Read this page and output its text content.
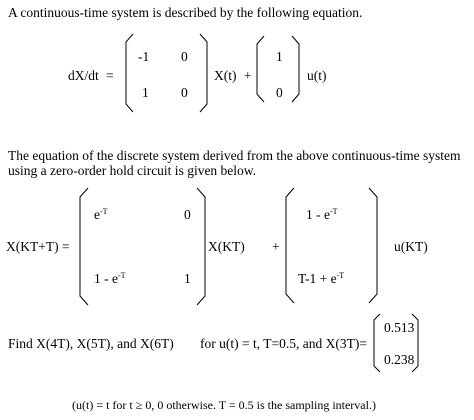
A continuous-time system is described by the following equation.
dX/dt =
-1 0
1 0
X(t) +
1
0
u(t)
The equation of the discrete system derived from the above continuous-time system
using a zero-order hold circuit is given below.
X(KT+T) =
$e^{-T}$	0
$1 - e^{-T}$	1
X(KT) +
$1 - e^{-T}$
$T-1 + e^{-T}$
u(KT)
Find X(4T), X(5T), and X(6T) for u(t) = t, T=0.5, and X(3T)=
0.513
0.238
(u(t) = t for t ≥ 0, 0 otherwise. T = 0.5 is the sampling interval.)
